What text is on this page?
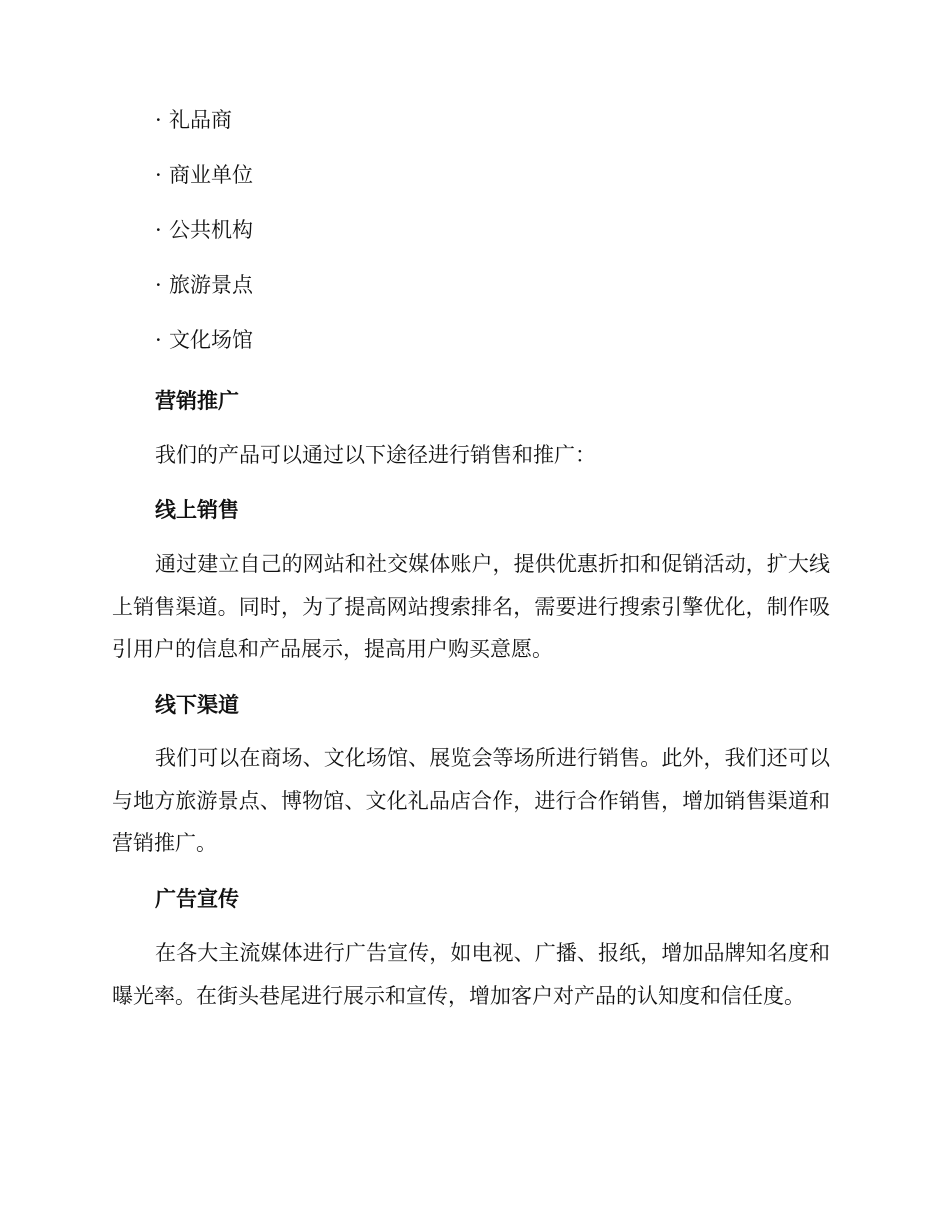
· 礼品商
· 商业单位
· 公共机构
· 旅游景点
· 文化场馆
营销推广

我们的产品可以通过以下途径进行销售和推广：

线上销售

通过建立自己的网站和社交媒体账户，提供优惠折扣和促销活动，扩大线上销售渠道。同时，为了提高网站搜索排名，需要进行搜索引擎优化，制作吸引用户的信息和产品展示，提高用户购买意愿。

线下渠道

我们可以在商场、文化场馆、展览会等场所进行销售。此外，我们还可以与地方旅游景点、博物馆、文化礼品店合作，进行合作销售，增加销售渠道和营销推广。

广告宣传

在各大主流媒体进行广告宣传，如电视、广播、报纸，增加品牌知名度和曝光率。在街头巷尾进行展示和宣传，增加客户对产品的认知度和信任度。
